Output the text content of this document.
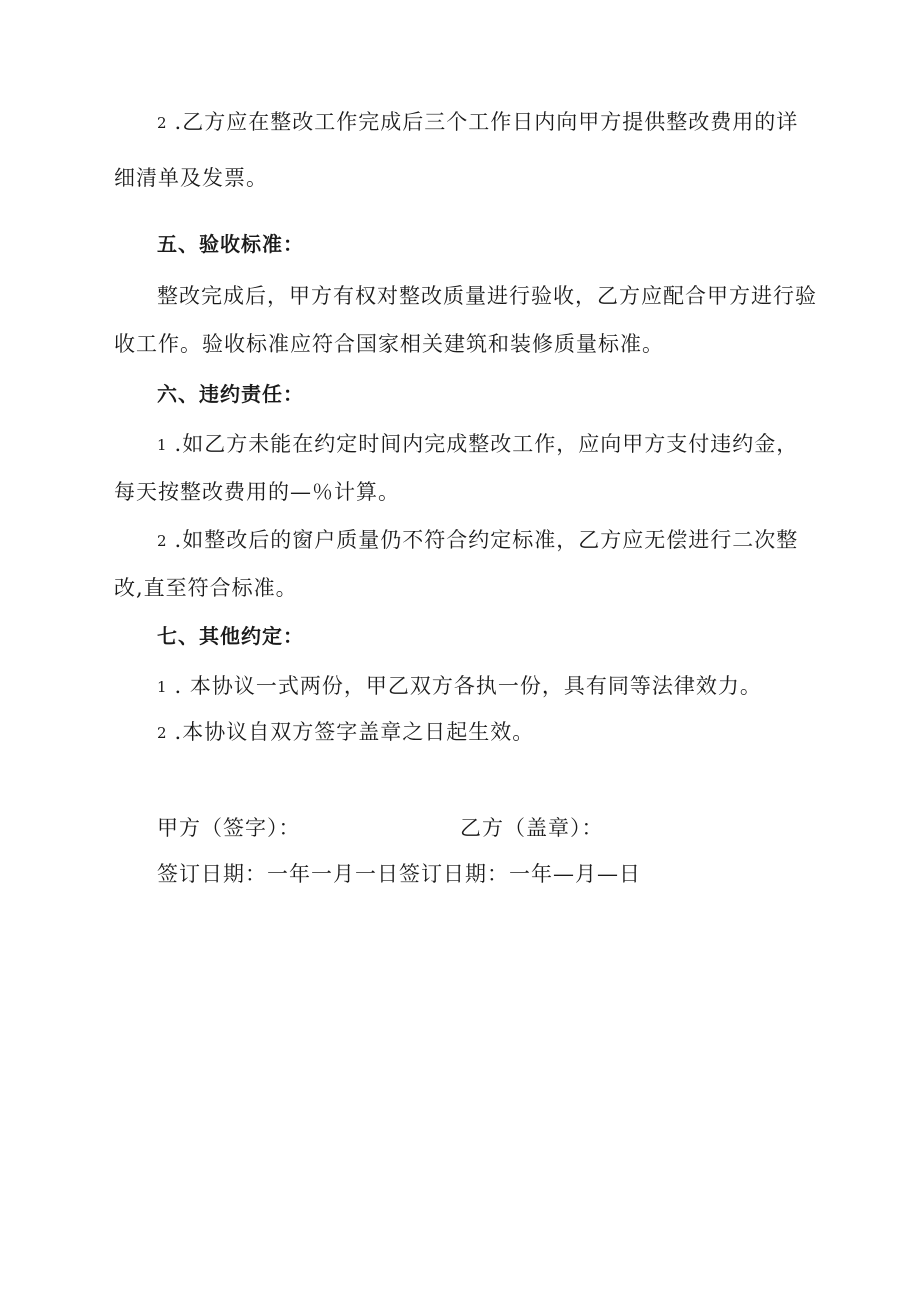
2 .乙方应在整改工作完成后三个工作日内向甲方提供整改费用的详
细清单及发票。
五、验收标准：
整改完成后，甲方有权对整改质量进行验收，乙方应配合甲方进行验
收工作。验收标准应符合国家相关建筑和装修质量标准。
六、违约责任：
1 .如乙方未能在约定时间内完成整改工作，应向甲方支付违约金，
每天按整改费用的—％计算。
2 .如整改后的窗户质量仍不符合约定标准，乙方应无偿进行二次整
改,直至符合标准。
七、其他约定：
1 . 本协议一式两份，甲乙双方各执一份，具有同等法律效力。
2 .本协议自双方签字盖章之日起生效。
甲方（签字）：	乙方（盖章）：
签订日期：一年一月一日签订日期：一年—月—日
